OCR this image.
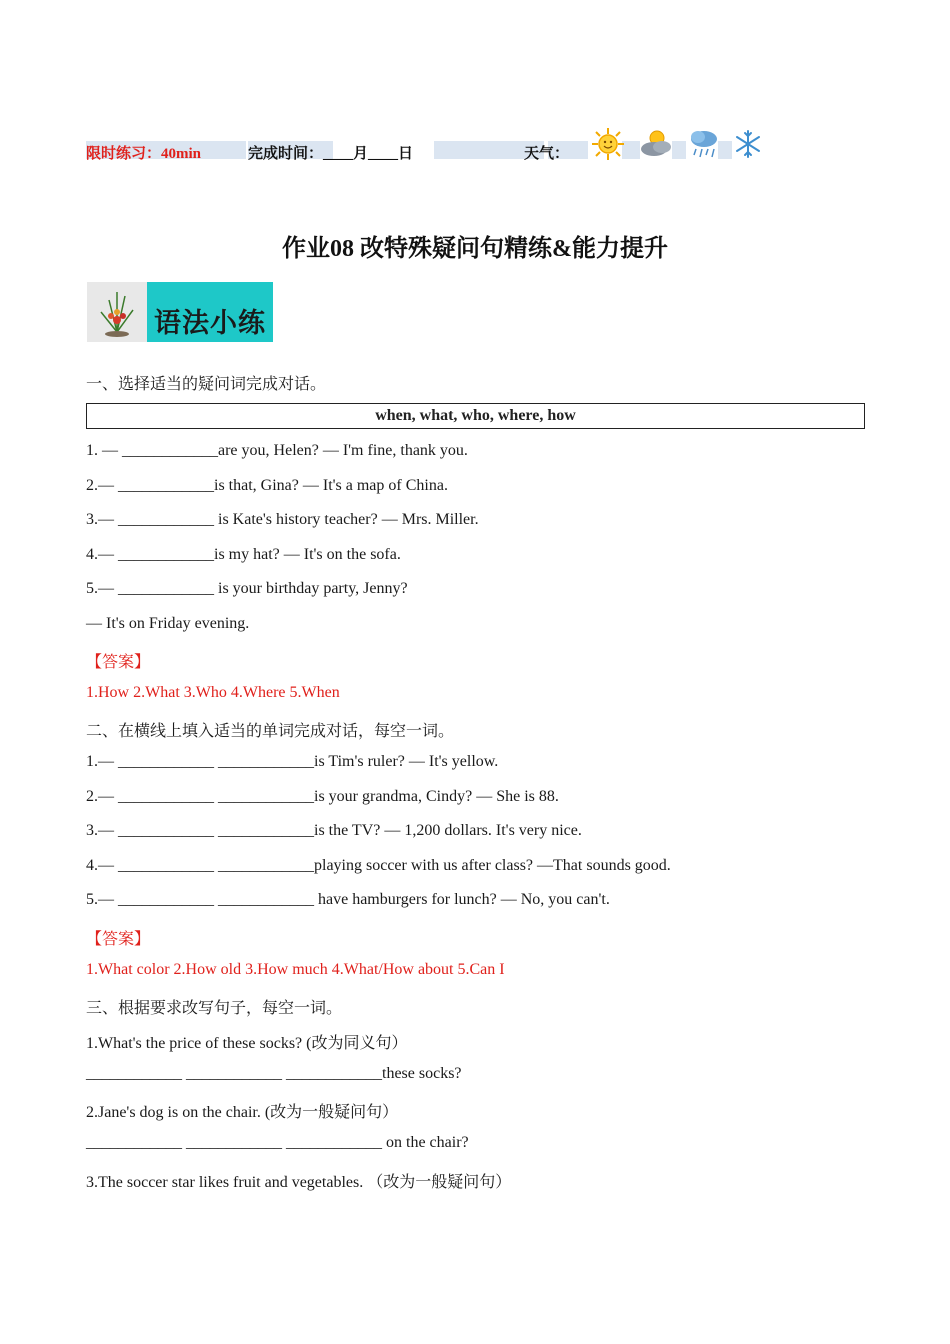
限时练习：40min	完成时间：____月____日	天气：
作业08 改特殊疑问句精练&能力提升
语法小练
一、选择适当的疑问词完成对话。
when, what, who, where, how
1. — ____________are you, Helen? — I'm fine, thank you.
2.— ____________is that, Gina? — It's a map of China.
3.— ____________ is Kate's history teacher? — Mrs. Miller.
4.— ____________is my hat? — It's on the sofa.
5.— ____________ is your birthday party, Jenny?
— It's on Friday evening.
【答案】
1.How 2.What 3.Who 4.Where 5.When
二、在横线上填入适当的单词完成对话，每空一词。
1.— ____________ ____________is Tim's ruler? — It's yellow.
2.— ____________ ____________is your grandma, Cindy? — She is 88.
3.— ____________ ____________is the TV? — 1,200 dollars. It's very nice.
4.— ____________ ____________playing soccer with us after class? —That sounds good.
5.— ____________ ____________ have hamburgers for lunch? — No, you can't.
【答案】
1.What color 2.How old 3.How much 4.What/How about 5.Can I
三、根据要求改写句子，每空一词。
1.What's the price of these socks? (改为同义句）
____________ ____________ ____________these socks?
2.Jane's dog is on the chair. (改为一般疑问句）
____________ ____________ ____________ on the chair?
3.The soccer star likes fruit and vegetables. （改为一般疑问句）
